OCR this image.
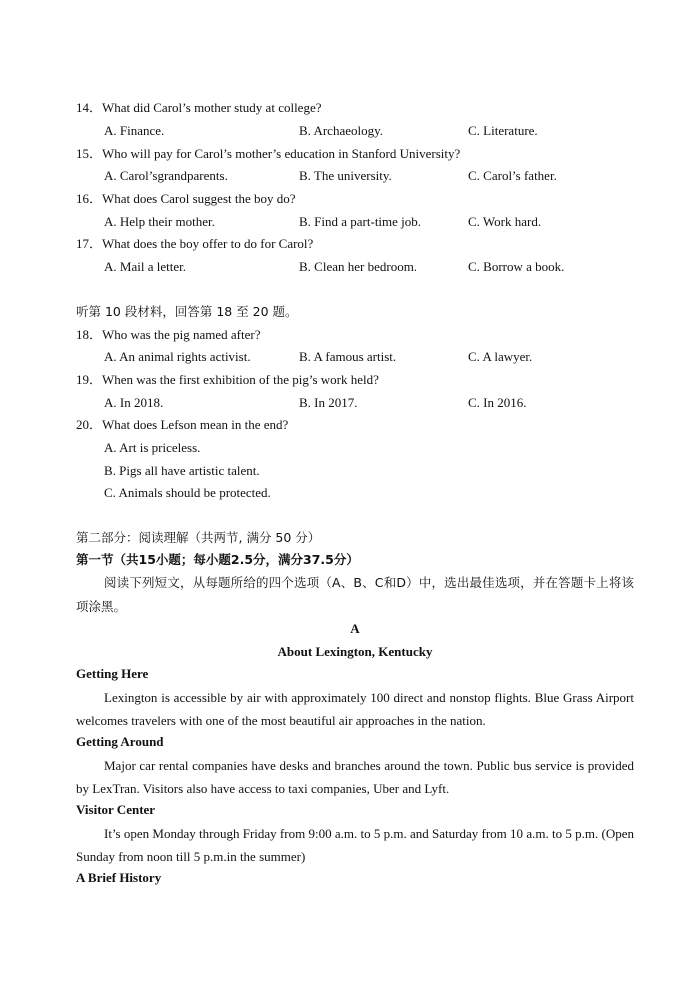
14．What did Carol’s mother study at college?
A. Finance.	B. Archaeology.	C. Literature.
15．Who will pay for Carol’s mother’s education in Stanford University?
A. Carol’sgrandparents.	B. The university.	C. Carol’s father.
16．What does Carol suggest the boy do?
A. Help their mother.	B. Find a part-time job.	C. Work hard.
17．What does the boy offer to do for Carol?
A. Mail a letter.	B. Clean her bedroom.	C. Borrow a book.
听第 10 段材料，回答第 18 至 20 题。
18．Who was the pig named after?
A. An animal rights activist.	B. A famous artist.	C. A lawyer.
19．When was the first exhibition of the pig’s work held?
A. In 2018.	B. In 2017.	C. In 2016.
20．What does Lefson mean in the end?
A. Art is priceless.
B. Pigs all have artistic talent.
C. Animals should be protected.
第二部分：阅读理解（共两节, 满分 50 分）
第一节（共15小题；每小题2.5分，满分37.5分）
阅读下列短文，从每题所给的四个选项（A、B、C和D）中，选出最佳选项，并在答题卡上将该项涂黑。
A
About Lexington, Kentucky
Getting Here
Lexington is accessible by air with approximately 100 direct and nonstop flights. Blue Grass Airport welcomes travelers with one of the most beautiful air approaches in the nation.
Getting Around
Major car rental companies have desks and branches around the town. Public bus service is provided by LexTran. Visitors also have access to taxi companies, Uber and Lyft.
Visitor Center
It’s open Monday through Friday from 9:00 a.m. to 5 p.m. and Saturday from 10 a.m. to 5 p.m. (Open Sunday from noon till 5 p.m.in the summer)
A Brief History
